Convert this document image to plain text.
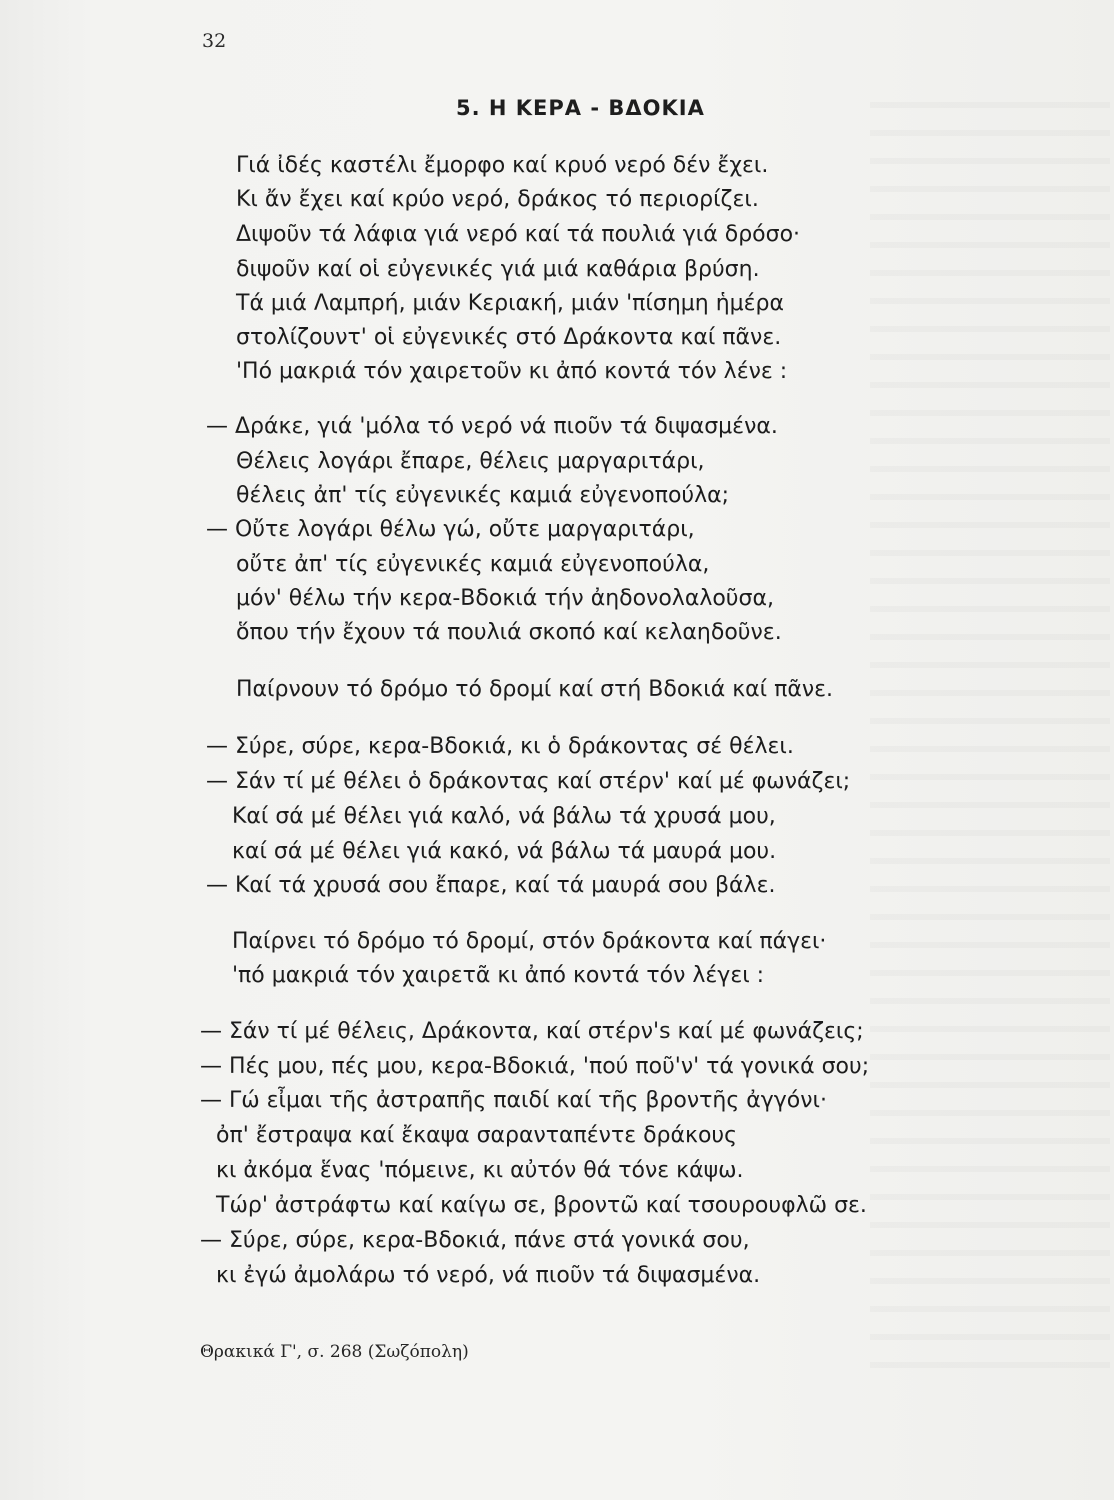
32
5. Η ΚΕΡΑ - ΒΔΟΚΙΑ
Γιά ἰδές καστέλι ἔμορφο καί κρυό νερό δέν ἔχει.
Κι ἄν ἔχει καί κρύο νερό, δράκος τό περιορίζει.
Διψοῦν τά λάφια γιά νερό καί τά πουλιά γιά δρόσο·
διψοῦν καί οἱ εὐγενικές γιά μιά καθάρια βρύση.
Τά μιά Λαμπρή, μιάν Κεριακή, μιάν 'πίσημη ἡμέρα
στολίζουντ' οἱ εὐγενικές στό Δράκοντα καί πᾶνε.
'Πό μακριά τόν χαιρετοῦν κι ἀπό κοντά τόν λένε :
— Δράκε, γιά 'μόλα τό νερό νά πιοῦν τά διψασμένα.
Θέλεις λογάρι ἔπαρε, θέλεις μαργαριτάρι,
θέλεις ἀπ' τίς εὐγενικές καμιά εὐγενοπούλα;
— Οὔτε λογάρι θέλω γώ, οὔτε μαργαριτάρι,
οὔτε ἀπ' τίς εὐγενικές καμιά εὐγενοπούλα,
μόν' θέλω τήν κερα-Βδοκιά τήν ἀηδονολαλοῦσα,
ὅπου τήν ἔχουν τά πουλιά σκοπό καί κελαηδοῦνε.
Παίρνουν τό δρόμο τό δρομί καί στή Βδοκιά καί πᾶνε.
— Σύρε, σύρε, κερα-Βδοκιά, κι ὁ δράκοντας σέ θέλει.
— Σάν τί μέ θέλει ὁ δράκοντας καί στέρν' καί μέ φωνάζει;
Καί σά μέ θέλει γιά καλό, νά βάλω τά χρυσά μου,
καί σά μέ θέλει γιά κακό, νά βάλω τά μαυρά μου.
— Καί τά χρυσά σου ἔπαρε, καί τά μαυρά σου βάλε.
Παίρνει τό δρόμο τό δρομί, στόν δράκοντα καί πάγει·
'πό μακριά τόν χαιρετᾶ κι ἀπό κοντά τόν λέγει :
— Σάν τί μέ θέλεις, Δράκοντα, καί στέρν's καί μέ φωνάζεις;
— Πές μου, πές μου, κερα-Βδοκιά, 'πού ποῦ'ν' τά γονικά σου;
— Γώ εἶμαι τῆς ἀστραπῆς παιδί καί τῆς βροντῆς ἀγγόνι·
ὀπ' ἔστραψα καί ἔκαψα σαρανταπέντε δράκους
κι ἀκόμα ἕνας 'πόμεινε, κι αὐτόν θά τόνε κάψω.
Τώρ' ἀστράφτω καί καίγω σε, βροντῶ καί τσουρουφλῶ σε.
— Σύρε, σύρε, κερα-Βδοκιά, πάνε στά γονικά σου,
κι ἐγώ ἀμολάρω τό νερό, νά πιοῦν τά διψασμένα.
Θρακικά Γ', σ. 268 (Σωζόπολη)
